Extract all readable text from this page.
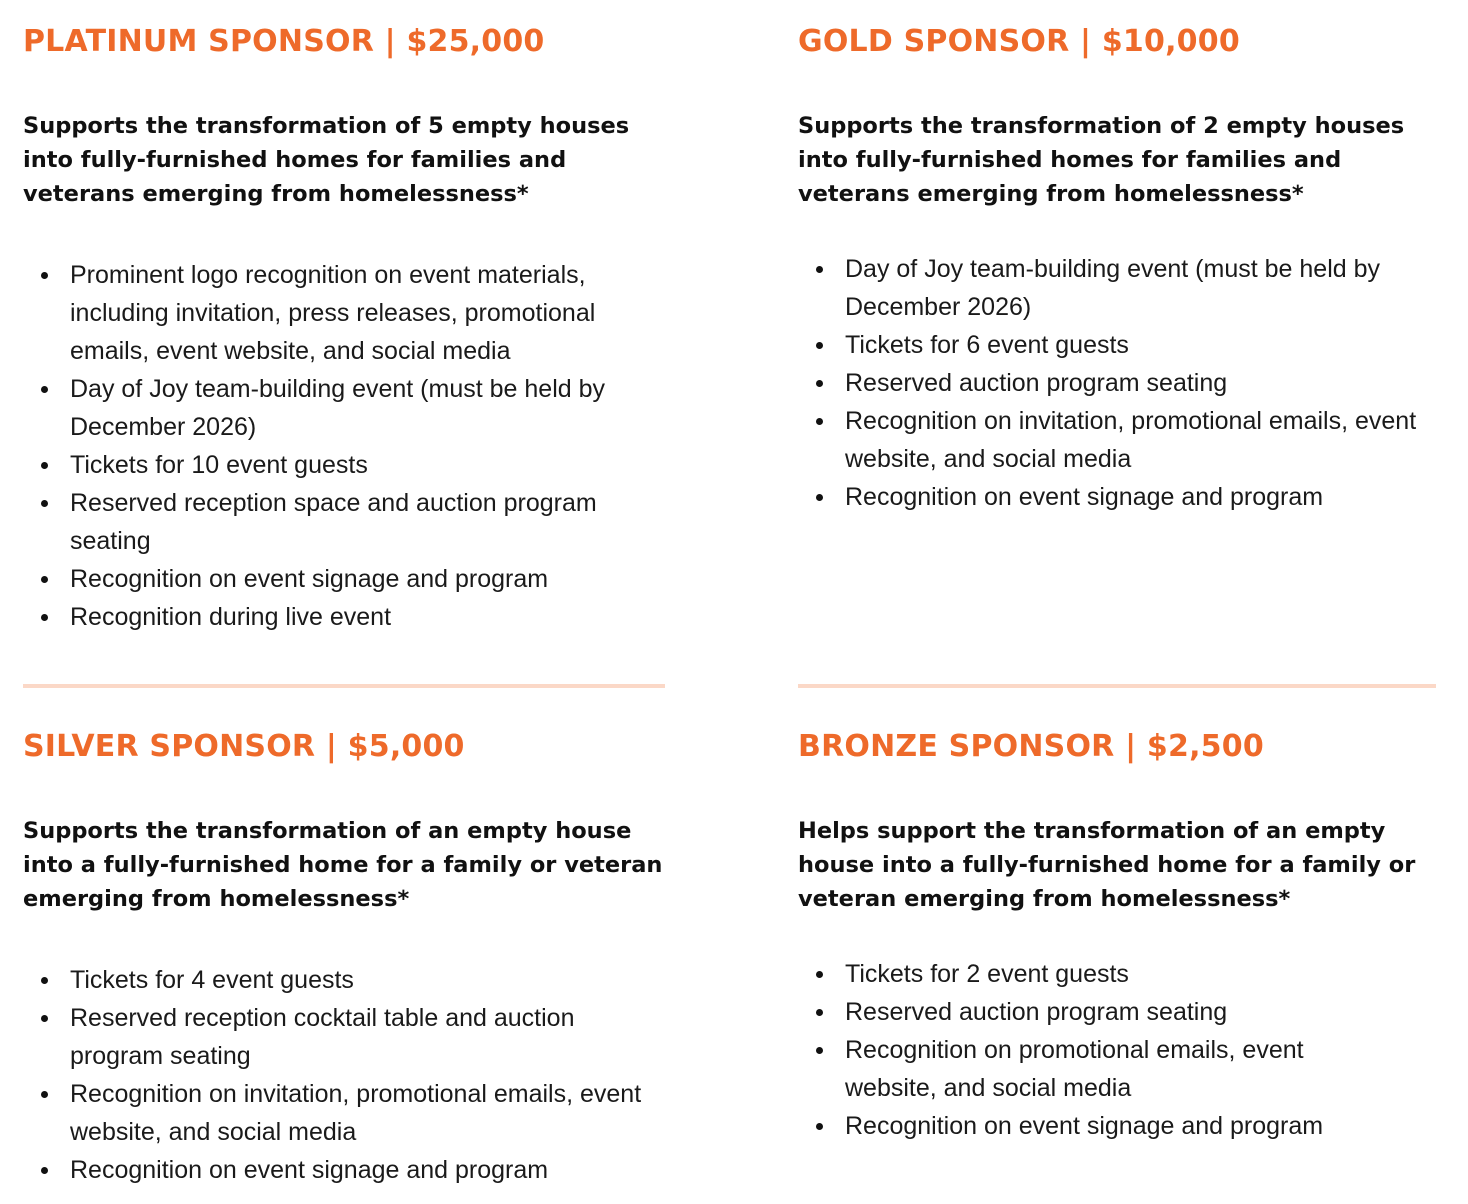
PLATINUM SPONSOR | $25,000

Supports the transformation of 5 empty houses into fully-furnished homes for families and veterans emerging from homelessness*

Prominent logo recognition on event materials, including invitation, press releases, promotional emails, event website, and social media
Day of Joy team-building event (must be held by December 2026)
Tickets for 10 event guests
Reserved reception space and auction program seating
Recognition on event signage and program
Recognition during live event
GOLD SPONSOR | $10,000

Supports the transformation of 2 empty houses into fully-furnished homes for families and veterans emerging from homelessness*

Day of Joy team-building event (must be held by December 2026)
Tickets for 6 event guests
Reserved auction program seating
Recognition on invitation, promotional emails, event website, and social media
Recognition on event signage and program
SILVER SPONSOR | $5,000

Supports the transformation of an empty house into a fully-furnished home for a family or veteran emerging from homelessness*

Tickets for 4 event guests
Reserved reception cocktail table and auction program seating
Recognition on invitation, promotional emails, event website, and social media
Recognition on event signage and program
BRONZE SPONSOR | $2,500

Helps support the transformation of an empty house into a fully-furnished home for a family or veteran emerging from homelessness*

Tickets for 2 event guests
Reserved auction program seating
Recognition on promotional emails, event website, and social media
Recognition on event signage and program
